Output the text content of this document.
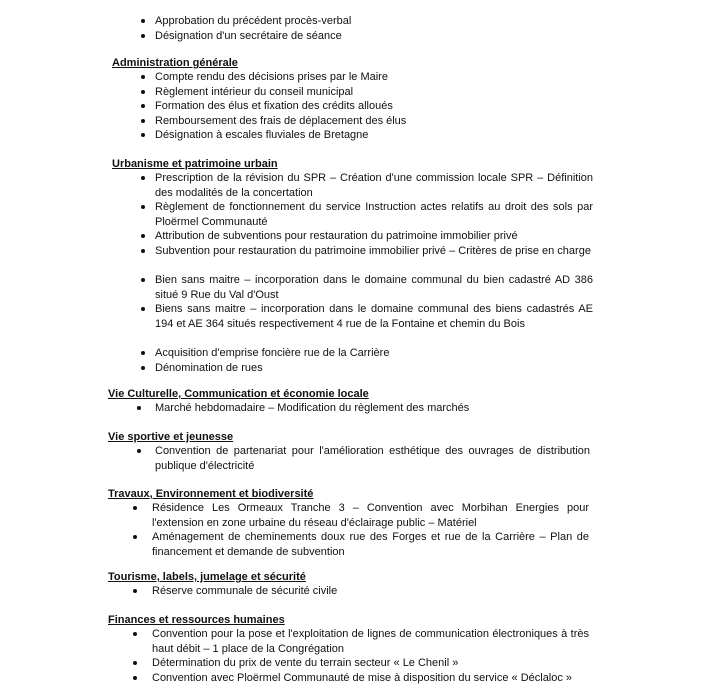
Approbation du précédent procès-verbal
Désignation d'un secrétaire de séance
Administration générale
Compte rendu des décisions prises par le Maire
Règlement intérieur du conseil municipal
Formation des élus et fixation des crédits alloués
Remboursement des frais de déplacement des élus
Désignation à escales fluviales de Bretagne
Urbanisme et patrimoine urbain
Prescription de la révision du SPR – Création d'une commission locale SPR – Définition des modalités de la concertation
Règlement de fonctionnement du service Instruction actes relatifs au droit des sols par Ploërmel Communauté
Attribution de subventions pour restauration du patrimoine immobilier privé
Subvention pour restauration du patrimoine immobilier privé – Critères de prise en charge
Bien sans maitre – incorporation dans le domaine communal du bien cadastré AD 386 situé 9 Rue du Val d'Oust
Biens sans maitre – incorporation dans le domaine communal des biens cadastrés AE 194 et AE 364 situés respectivement 4 rue de la Fontaine et chemin du Bois
Acquisition d'emprise foncière rue de la Carrière
Dénomination de rues
Vie Culturelle, Communication et économie locale
Marché hebdomadaire – Modification du règlement des marchés
Vie sportive et jeunesse
Convention de partenariat pour l'amélioration esthétique des ouvrages de distribution publique d'électricité
Travaux, Environnement et biodiversité
Résidence Les Ormeaux Tranche 3 – Convention avec Morbihan Energies pour l'extension en zone urbaine du réseau d'éclairage public – Matériel
Aménagement de cheminements doux rue des Forges et rue de la Carrière – Plan de financement et demande de subvention
Tourisme, labels, jumelage et sécurité
Réserve communale de sécurité civile
Finances et ressources humaines
Convention pour la pose et l'exploitation de lignes de communication électroniques à très haut débit – 1 place de la Congrégation
Détermination du prix de vente du terrain secteur « Le Chenil »
Convention avec Ploërmel Communauté de mise à disposition du service « Déclaloc »
